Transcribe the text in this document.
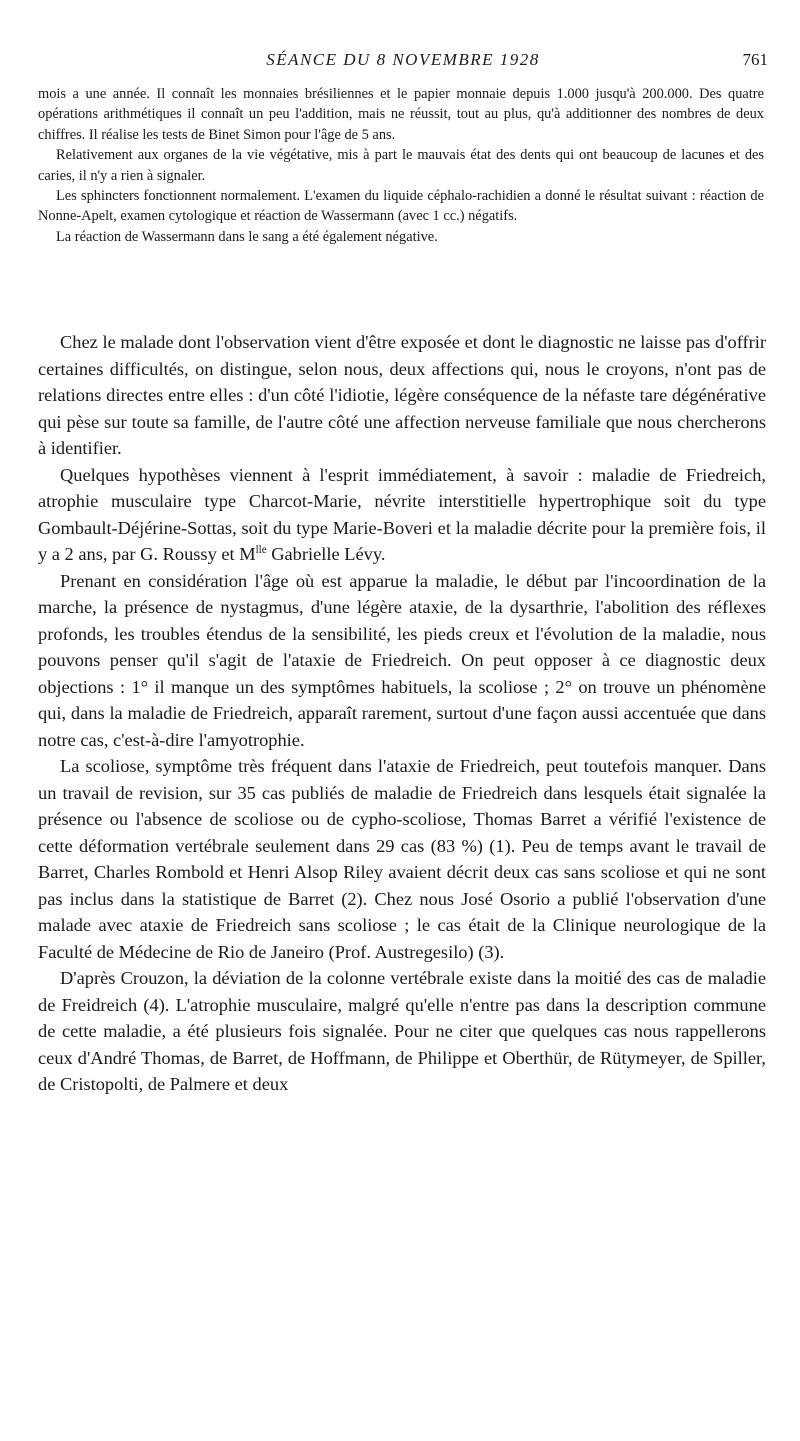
SÉANCE DU 8 NOVEMBRE 1928	761

mois a une année. Il connaît les monnaies brésiliennes et le papier monnaie depuis 1.000 jusqu'à 200.000. Des quatre opérations arithmétiques il connaît un peu l'addition, mais ne réussit, tout au plus, qu'à additionner des nombres de deux chiffres. Il réalise les tests de Binet Simon pour l'âge de 5 ans.

Relativement aux organes de la vie végétative, mis à part le mauvais état des dents qui ont beaucoup de lacunes et des caries, il n'y a rien à signaler.

Les sphincters fonctionnent normalement. L'examen du liquide céphalo-rachidien a donné le résultat suivant : réaction de Nonne-Apelt, examen cytologique et réaction de Wassermann (avec 1 cc.) négatifs.

La réaction de Wassermann dans le sang a été également négative.

Chez le malade dont l'observation vient d'être exposée et dont le diagnostic ne laisse pas d'offrir certaines difficultés, on distingue, selon nous, deux affections qui, nous le croyons, n'ont pas de relations directes entre elles : d'un côté l'idiotie, légère conséquence de la néfaste tare dégénérative qui pèse sur toute sa famille, de l'autre côté une affection nerveuse familiale que nous chercherons à identifier.

Quelques hypothèses viennent à l'esprit immédiatement, à savoir : maladie de Friedreich, atrophie musculaire type Charcot-Marie, névrite interstitielle hypertrophique soit du type Gombault-Déjérine-Sottas, soit du type Marie-Boveri et la maladie décrite pour la première fois, il y a 2 ans, par G. Roussy et $M^{lle}$ Gabrielle Lévy.

Prenant en considération l'âge où est apparue la maladie, le début par l'incoordination de la marche, la présence de nystagmus, d'une légère ataxie, de la dysarthrie, l'abolition des réflexes profonds, les troubles étendus de la sensibilité, les pieds creux et l'évolution de la maladie, nous pouvons penser qu'il s'agit de l'ataxie de Friedreich. On peut opposer à ce diagnostic deux objections : 1° il manque un des symptômes habituels, la scoliose ; 2° on trouve un phénomène qui, dans la maladie de Friedreich, apparaît rarement, surtout d'une façon aussi accentuée que dans notre cas, c'est-à-dire l'amyotrophie.

La scoliose, symptôme très fréquent dans l'ataxie de Friedreich, peut toutefois manquer. Dans un travail de revision, sur 35 cas publiés de maladie de Friedreich dans lesquels était signalée la présence ou l'absence de scoliose ou de cypho-scoliose, Thomas Barret a vérifié l'existence de cette déformation vertébrale seulement dans 29 cas (83 %) (1). Peu de temps avant le travail de Barret, Charles Rombold et Henri Alsop Riley avaient décrit deux cas sans scoliose et qui ne sont pas inclus dans la statistique de Barret (2). Chez nous José Osorio a publié l'observation d'une malade avec ataxie de Friedreich sans scoliose ; le cas était de la Clinique neurologique de la Faculté de Médecine de Rio de Janeiro (Prof. Austregesilo) (3).

D'après Crouzon, la déviation de la colonne vertébrale existe dans la moitié des cas de maladie de Freidreich (4). L'atrophie musculaire, malgré qu'elle n'entre pas dans la description commune de cette maladie, a été plusieurs fois signalée. Pour ne citer que quelques cas nous rappellerons ceux d'André Thomas, de Barret, de Hoffmann, de Philippe et Oberthür, de Rütymeyer, de Spiller, de Cristopolti, de Palmere et deux
